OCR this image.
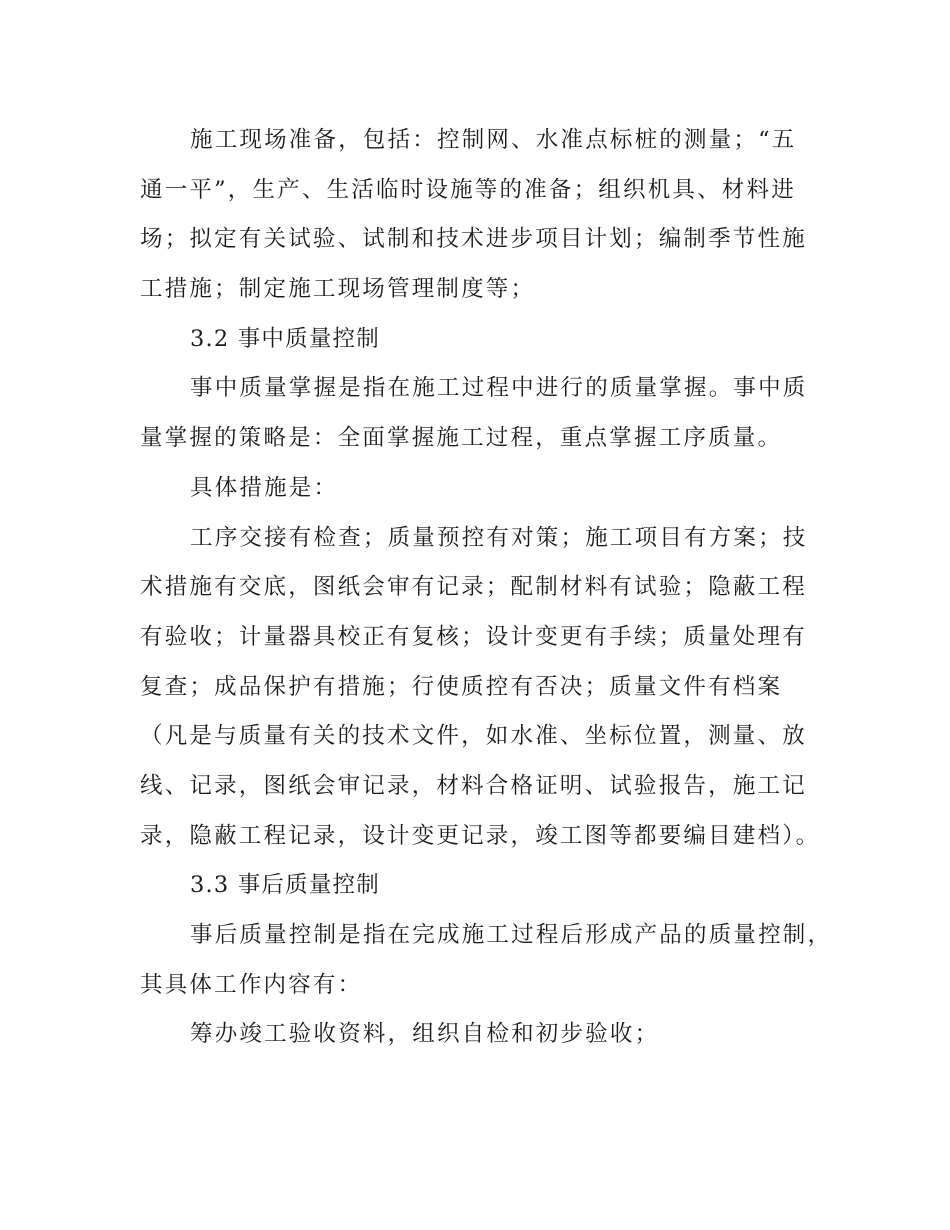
施工现场准备，包括：控制网、水准点标桩的测量；“五
通一平”，生产、生活临时设施等的准备；组织机具、材料进
场；拟定有关试验、试制和技术进步项目计划；编制季节性施
工措施；制定施工现场管理制度等；
3.2 事中质量控制
事中质量掌握是指在施工过程中进行的质量掌握。事中质
量掌握的策略是：全面掌握施工过程，重点掌握工序质量。
具体措施是：
工序交接有检查；质量预控有对策；施工项目有方案；技
术措施有交底，图纸会审有记录；配制材料有试验；隐蔽工程
有验收；计量器具校正有复核；设计变更有手续；质量处理有
复查；成品保护有措施；行使质控有否决；质量文件有档案
（凡是与质量有关的技术文件，如水准、坐标位置，测量、放
线、记录，图纸会审记录，材料合格证明、试验报告，施工记
录，隐蔽工程记录，设计变更记录，竣工图等都要编目建档）。
3.3 事后质量控制
事后质量控制是指在完成施工过程后形成产品的质量控制，
其具体工作内容有：
筹办竣工验收资料，组织自检和初步验收；
